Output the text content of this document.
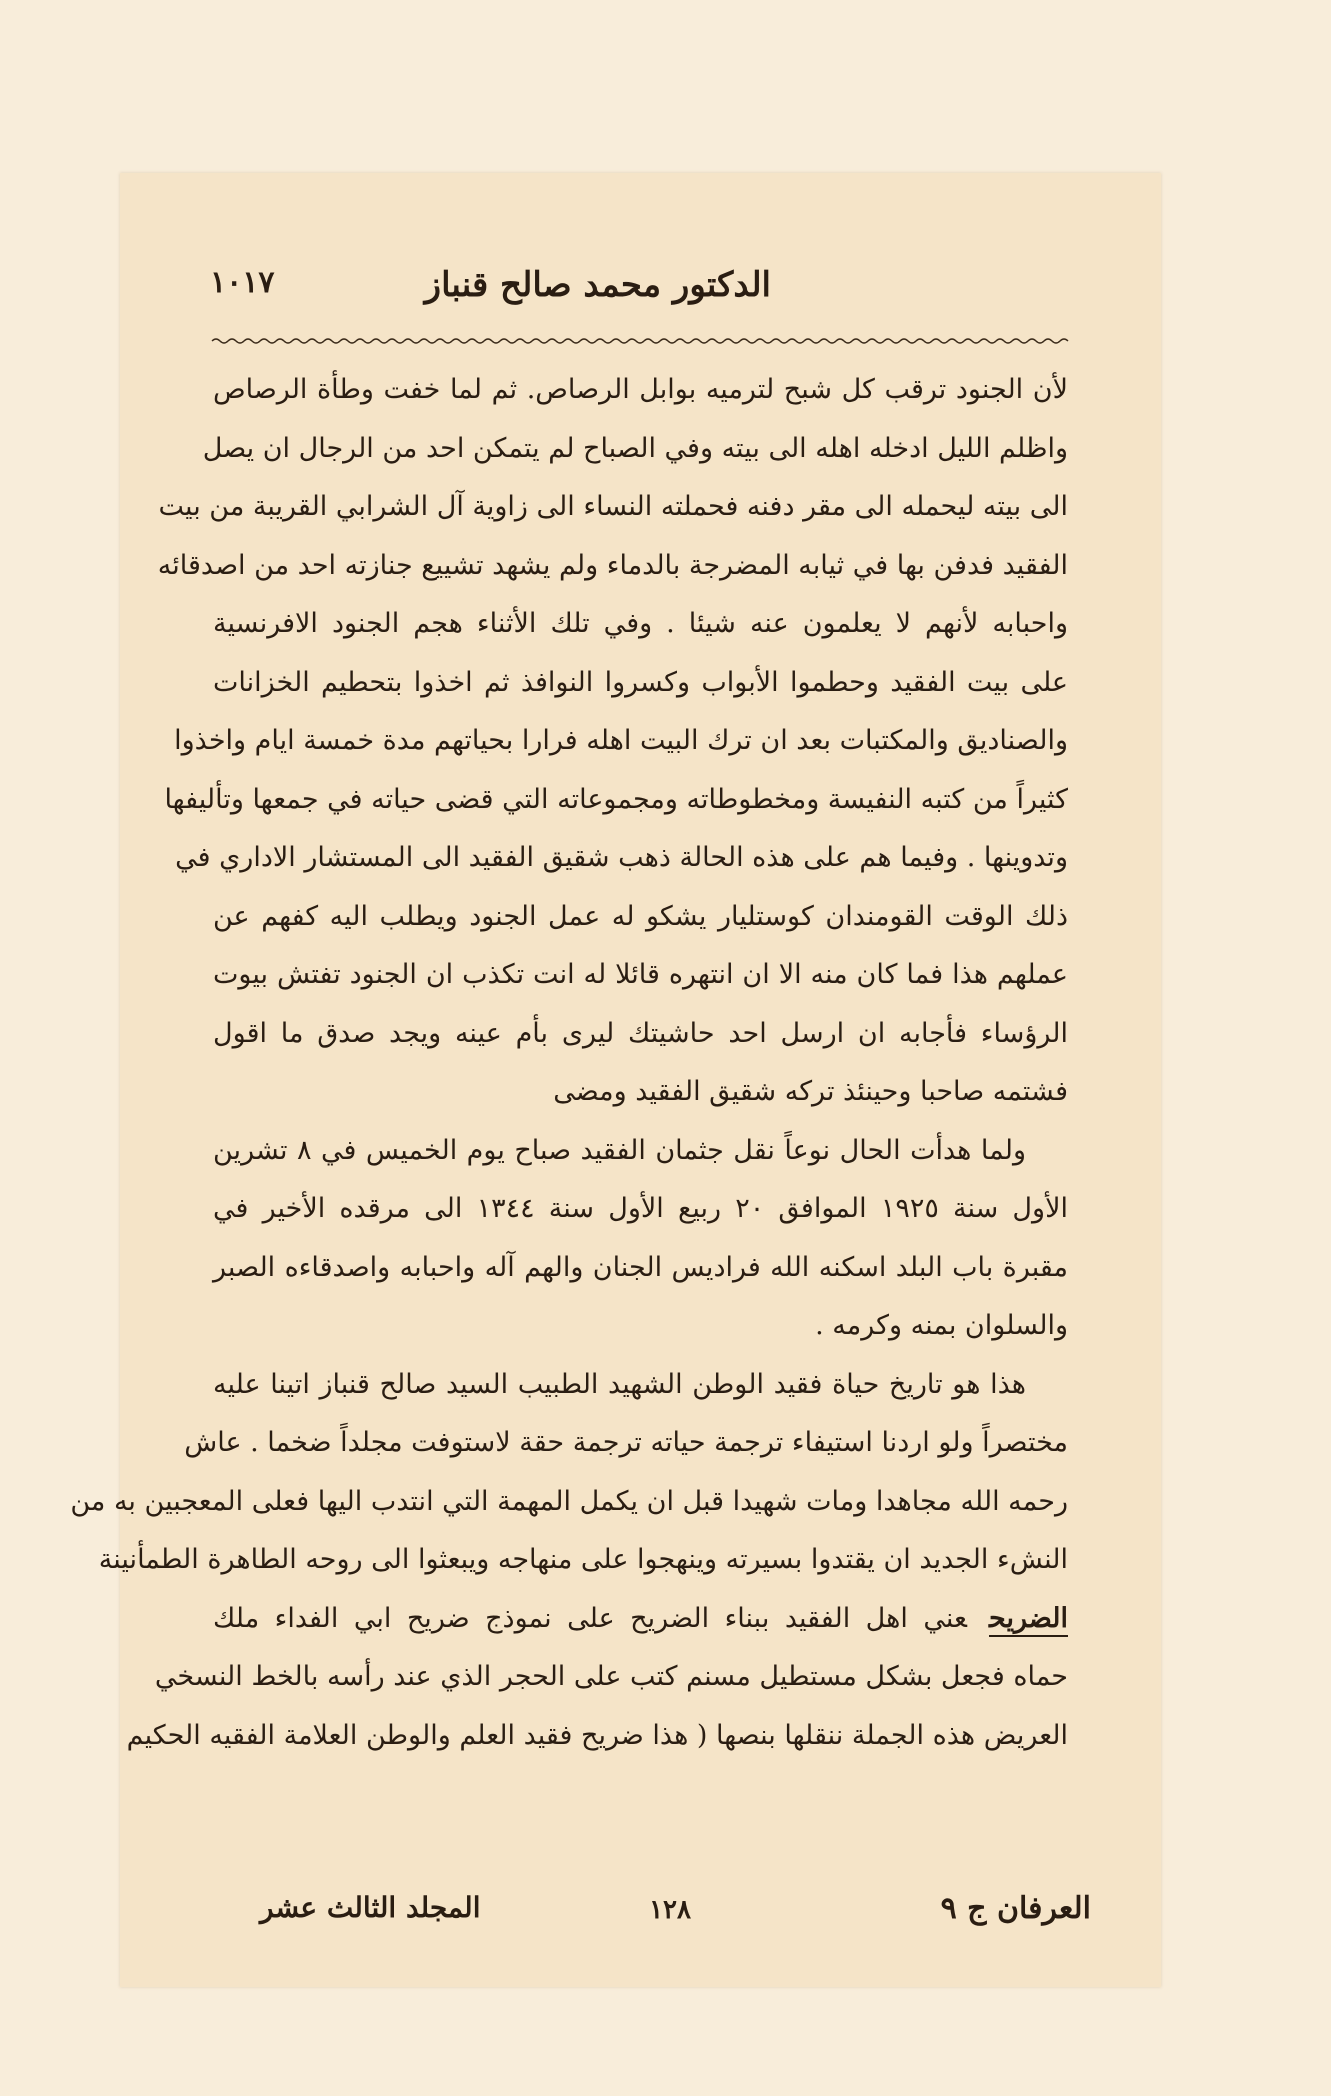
الدكتور محمد صالح قنباز
١٠١٧
لأن الجنود ترقب كل شبح لترميه بوابل الرصاص. ثم لما خفت وطأة الرصاص
واظلم الليل ادخله اهله الى بيته وفي الصباح لم يتمكن احد من الرجال ان يصل
الى بيته ليحمله الى مقر دفنه فحملته النساء الى زاوية آل الشرابي القريبة من بيت
الفقيد فدفن بها في ثيابه المضرجة بالدماء ولم يشهد تشييع جنازته احد من اصدقائه
واحبابه لأنهم لا يعلمون عنه شيئا . وفي تلك الأثناء هجم الجنود الافرنسية
على بيت الفقيد وحطموا الأبواب وكسروا النوافذ ثم اخذوا بتحطيم الخزانات
والصناديق والمكتبات بعد ان ترك البيت اهله فرارا بحياتهم مدة خمسة ايام واخذوا
كثيراً من كتبه النفيسة ومخطوطاته ومجموعاته التي قضى حياته في جمعها وتأليفها
وتدوينها . وفيما هم على هذه الحالة ذهب شقيق الفقيد الى المستشار الاداري في
ذلك الوقت القومندان كوستليار يشكو له عمل الجنود ويطلب اليه كفهم عن
عملهم هذا فما كان منه الا ان انتهره قائلا له انت تكذب ان الجنود تفتش بيوت
الرؤساء فأجابه ان ارسل احد حاشيتك ليرى بأم عينه ويجد صدق ما اقول
فشتمه صاحبا وحينئذ تركه شقيق الفقيد ومضى
ولما هدأت الحال نوعاً نقل جثمان الفقيد صباح يوم الخميس في ٨ تشرين
الأول سنة ١٩٢٥ الموافق ٢٠ ربيع الأول سنة ١٣٤٤ الى مرقده الأخير في
مقبرة باب البلد اسكنه الله فراديس الجنان والهم آله واحبابه واصدقاءه الصبر
والسلوان بمنه وكرمه .
هذا هو تاريخ حياة فقيد الوطن الشهيد الطبيب السيد صالح قنباز اتينا عليه
مختصراً ولو اردنا استيفاء ترجمة حياته ترجمة حقة لاستوفت مجلداً ضخما . عاش
رحمه الله مجاهدا ومات شهيدا قبل ان يكمل المهمة التي انتدب اليها فعلى المعجبين به من
النشء الجديد ان يقتدوا بسيرته وينهجوا على منهاجه ويبعثوا الى روحه الطاهرة الطمأنينة
الضريحعني اهل الفقيد ببناء الضريح على نموذج ضريح ابي الفداء ملك
حماه فجعل بشكل مستطيل مسنم كتب على الحجر الذي عند رأسه بالخط النسخي
العريض هذه الجملة ننقلها بنصها ( هذا ضريح فقيد العلم والوطن العلامة الفقيه الحكيم
العرفان ج ٩
١٢٨
المجلد الثالث عشر
